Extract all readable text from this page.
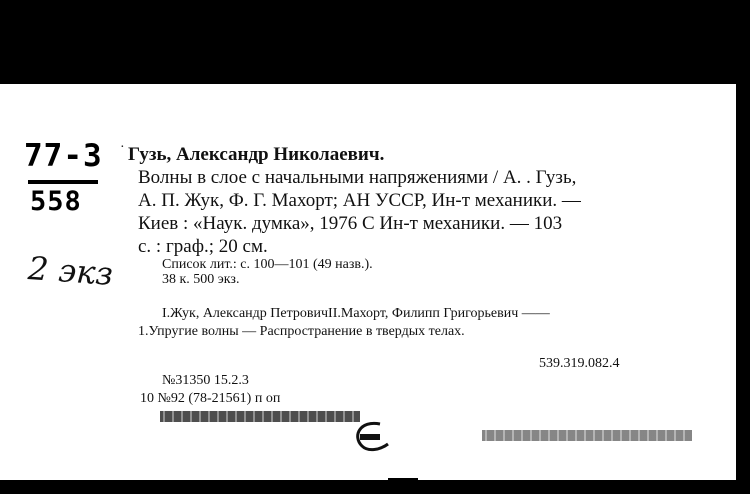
77-3
558
2 экз
· Гузь, Александр Николаевич.
Волны в слое с начальными напряжениями / А. . Гузь,
А. П. Жук, Ф. Г. Махорт; АН УССР, Ин-т механики. —
Киев : «Наук. думка», 1976 С Ин-т механики. — 103
с. : граф.; 20 см.
Список лит.: с. 100—101 (49 назв.).
38 к. 500 экз.
I.Жук, Александр ПетровичII.Махорт, Филипп Григорьевич ——
1.Упругие волны — Распространение в твердых телах.
539.319.082.4
№31350 15.2.3
10 №92 (78-21561) п оп
